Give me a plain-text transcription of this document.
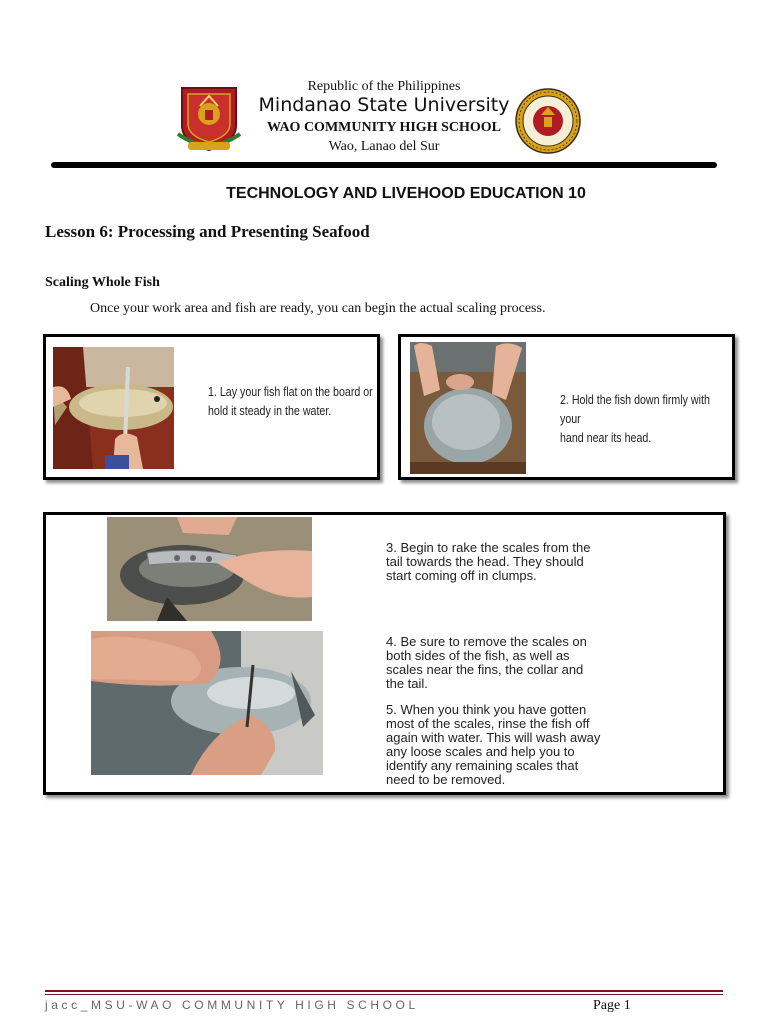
Republic of the Philippines
Mindanao State University
WAO COMMUNITY HIGH SCHOOL
Wao, Lanao del Sur
TECHNOLOGY AND LIVEHOOD EDUCATION 10
Lesson 6: Processing and Presenting Seafood
Scaling Whole Fish
Once your work area and fish are ready, you can begin the actual scaling process.
1. Lay your fish flat on the board or
hold it steady in the water.
2. Hold the fish down firmly with your
hand near its head.
3. Begin to rake the scales from the
tail towards the head. They should
start coming off in clumps.
4. Be sure to remove the scales on
both sides of the fish, as well as
scales near the fins, the collar and
the tail.
5. When you think you have gotten
most of the scales, rinse the fish off
again with water. This will wash away
any loose scales and help you to
identify any remaining scales that
need to be removed.
jacc_MSU-WAO COMMUNITY HIGH SCHOOL	Page 1
